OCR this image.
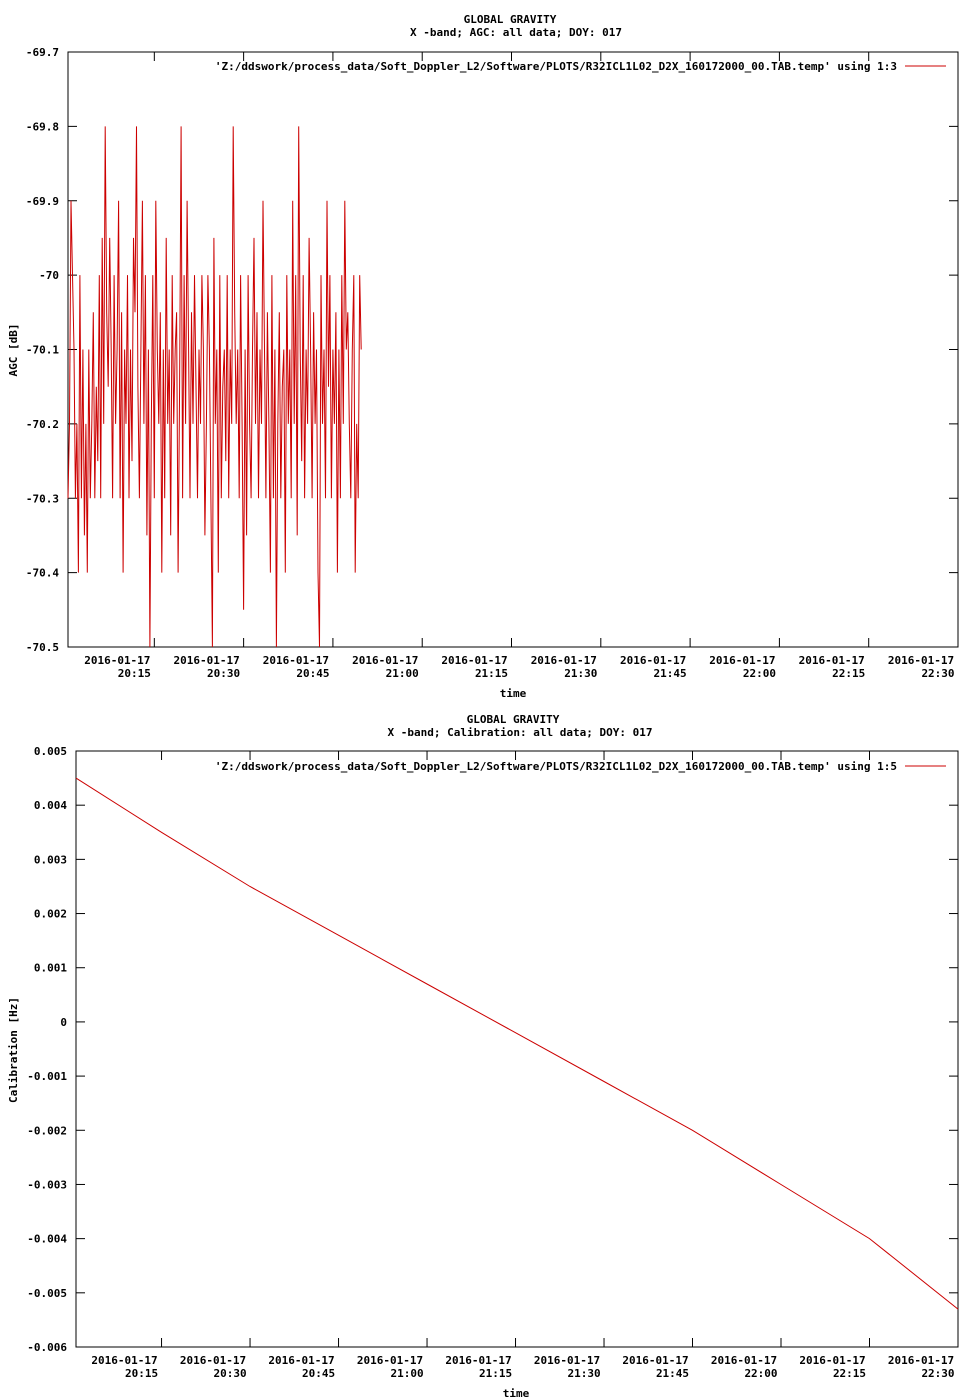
GLOBAL GRAVITY
X -band; AGC: all data; DOY: 017
AGC [dB]
time
'Z:/ddswork/process_data/Soft_Doppler_L2/Software/PLOTS/R32ICL1L02_D2X_160172000_00.TAB.temp' using 1:3
GLOBAL GRAVITY
X -band; Calibration: all data; DOY: 017
Calibration [Hz]
time
'Z:/ddswork/process_data/Soft_Doppler_L2/Software/PLOTS/R32ICL1L02_D2X_160172000_00.TAB.temp' using 1:5
-69.7
-69.8
-69.9
-70
-70.1
-70.2
-70.3
-70.4
-70.5
2016-01-17
20:15
2016-01-17
20:30
2016-01-17
20:45
2016-01-17
21:00
2016-01-17
21:15
2016-01-17
21:30
2016-01-17
21:45
2016-01-17
22:00
2016-01-17
22:15
2016-01-17
22:30
0.005
0.004
0.003
0.002
0.001
0
-0.001
-0.002
-0.003
-0.004
-0.005
-0.006
2016-01-17
20:15
2016-01-17
20:30
2016-01-17
20:45
2016-01-17
21:00
2016-01-17
21:15
2016-01-17
21:30
2016-01-17
21:45
2016-01-17
22:00
2016-01-17
22:15
2016-01-17
22:30
